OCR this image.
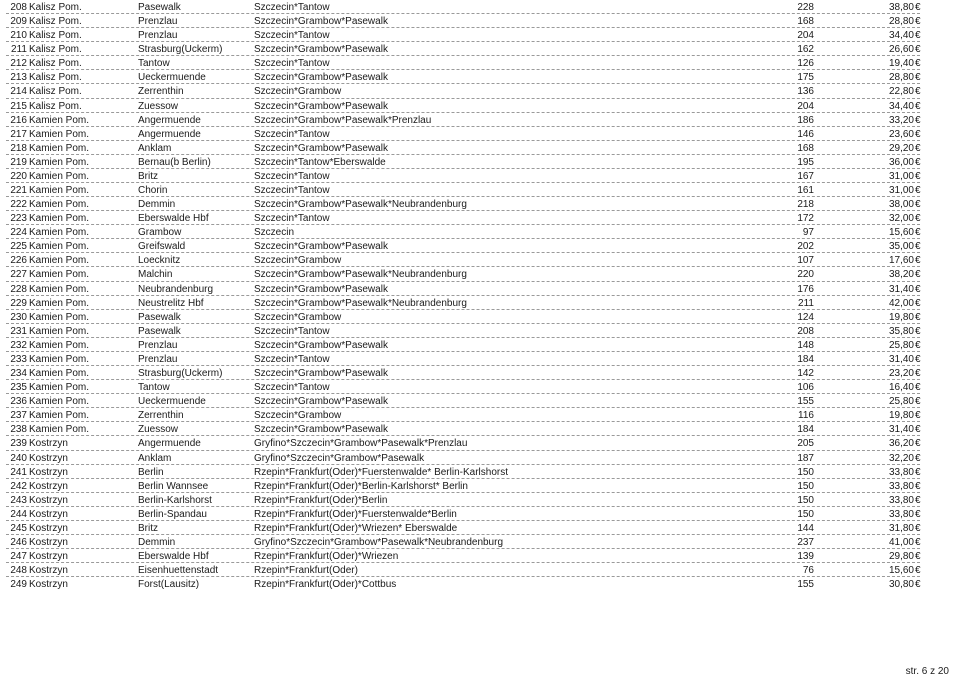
208 Kalisz Pom.	Pasewalk	Szczecin*Tantow	228	38,80 €
209 Kalisz Pom.	Prenzlau	Szczecin*Grambow*Pasewalk	168	28,80 €
210 Kalisz Pom.	Prenzlau	Szczecin*Tantow	204	34,40 €
211 Kalisz Pom.	Strasburg(Uckerm)	Szczecin*Grambow*Pasewalk	162	26,60 €
212 Kalisz Pom.	Tantow	Szczecin*Tantow	126	19,40 €
213 Kalisz Pom.	Ueckermuende	Szczecin*Grambow*Pasewalk	175	28,80 €
214 Kalisz Pom.	Zerrenthin	Szczecin*Grambow	136	22,80 €
215 Kalisz Pom.	Zuessow	Szczecin*Grambow*Pasewalk	204	34,40 €
216 Kamien Pom.	Angermuende	Szczecin*Grambow*Pasewalk*Prenzlau	186	33,20 €
217 Kamien Pom.	Angermuende	Szczecin*Tantow	146	23,60 €
218 Kamien Pom.	Anklam	Szczecin*Grambow*Pasewalk	168	29,20 €
219 Kamien Pom.	Bernau(b Berlin)	Szczecin*Tantow*Eberswalde	195	36,00 €
220 Kamien Pom.	Britz	Szczecin*Tantow	167	31,00 €
221 Kamien Pom.	Chorin	Szczecin*Tantow	161	31,00 €
222 Kamien Pom.	Demmin	Szczecin*Grambow*Pasewalk*Neubrandenburg	218	38,00 €
223 Kamien Pom.	Eberswalde Hbf	Szczecin*Tantow	172	32,00 €
224 Kamien Pom.	Grambow	Szczecin	97	15,60 €
225 Kamien Pom.	Greifswald	Szczecin*Grambow*Pasewalk	202	35,00 €
226 Kamien Pom.	Loecknitz	Szczecin*Grambow	107	17,60 €
227 Kamien Pom.	Malchin	Szczecin*Grambow*Pasewalk*Neubrandenburg	220	38,20 €
228 Kamien Pom.	Neubrandenburg	Szczecin*Grambow*Pasewalk	176	31,40 €
229 Kamien Pom.	Neustrelitz Hbf	Szczecin*Grambow*Pasewalk*Neubrandenburg	211	42,00 €
230 Kamien Pom.	Pasewalk	Szczecin*Grambow	124	19,80 €
231 Kamien Pom.	Pasewalk	Szczecin*Tantow	208	35,80 €
232 Kamien Pom.	Prenzlau	Szczecin*Grambow*Pasewalk	148	25,80 €
233 Kamien Pom.	Prenzlau	Szczecin*Tantow	184	31,40 €
234 Kamien Pom.	Strasburg(Uckerm)	Szczecin*Grambow*Pasewalk	142	23,20 €
235 Kamien Pom.	Tantow	Szczecin*Tantow	106	16,40 €
236 Kamien Pom.	Ueckermuende	Szczecin*Grambow*Pasewalk	155	25,80 €
237 Kamien Pom.	Zerrenthin	Szczecin*Grambow	116	19,80 €
238 Kamien Pom.	Zuessow	Szczecin*Grambow*Pasewalk	184	31,40 €
239 Kostrzyn	Angermuende	Gryfino*Szczecin*Grambow*Pasewalk*Prenzlau	205	36,20 €
240 Kostrzyn	Anklam	Gryfino*Szczecin*Grambow*Pasewalk	187	32,20 €
241 Kostrzyn	Berlin	Rzepin*Frankfurt(Oder)*Fuerstenwalde* Berlin-Karlshorst	150	33,80 €
242 Kostrzyn	Berlin Wannsee	Rzepin*Frankfurt(Oder)*Berlin-Karlshorst* Berlin	150	33,80 €
243 Kostrzyn	Berlin-Karlshorst	Rzepin*Frankfurt(Oder)*Berlin	150	33,80 €
244 Kostrzyn	Berlin-Spandau	Rzepin*Frankfurt(Oder)*Fuerstenwalde*Berlin	150	33,80 €
245 Kostrzyn	Britz	Rzepin*Frankfurt(Oder)*Wriezen* Eberswalde	144	31,80 €
246 Kostrzyn	Demmin	Gryfino*Szczecin*Grambow*Pasewalk*Neubrandenburg	237	41,00 €
247 Kostrzyn	Eberswalde Hbf	Rzepin*Frankfurt(Oder)*Wriezen	139	29,80 €
248 Kostrzyn	Eisenhuettenstadt	Rzepin*Frankfurt(Oder)	76	15,60 €
249 Kostrzyn	Forst(Lausitz)	Rzepin*Frankfurt(Oder)*Cottbus	155	30,80 €
str. 6 z 20
